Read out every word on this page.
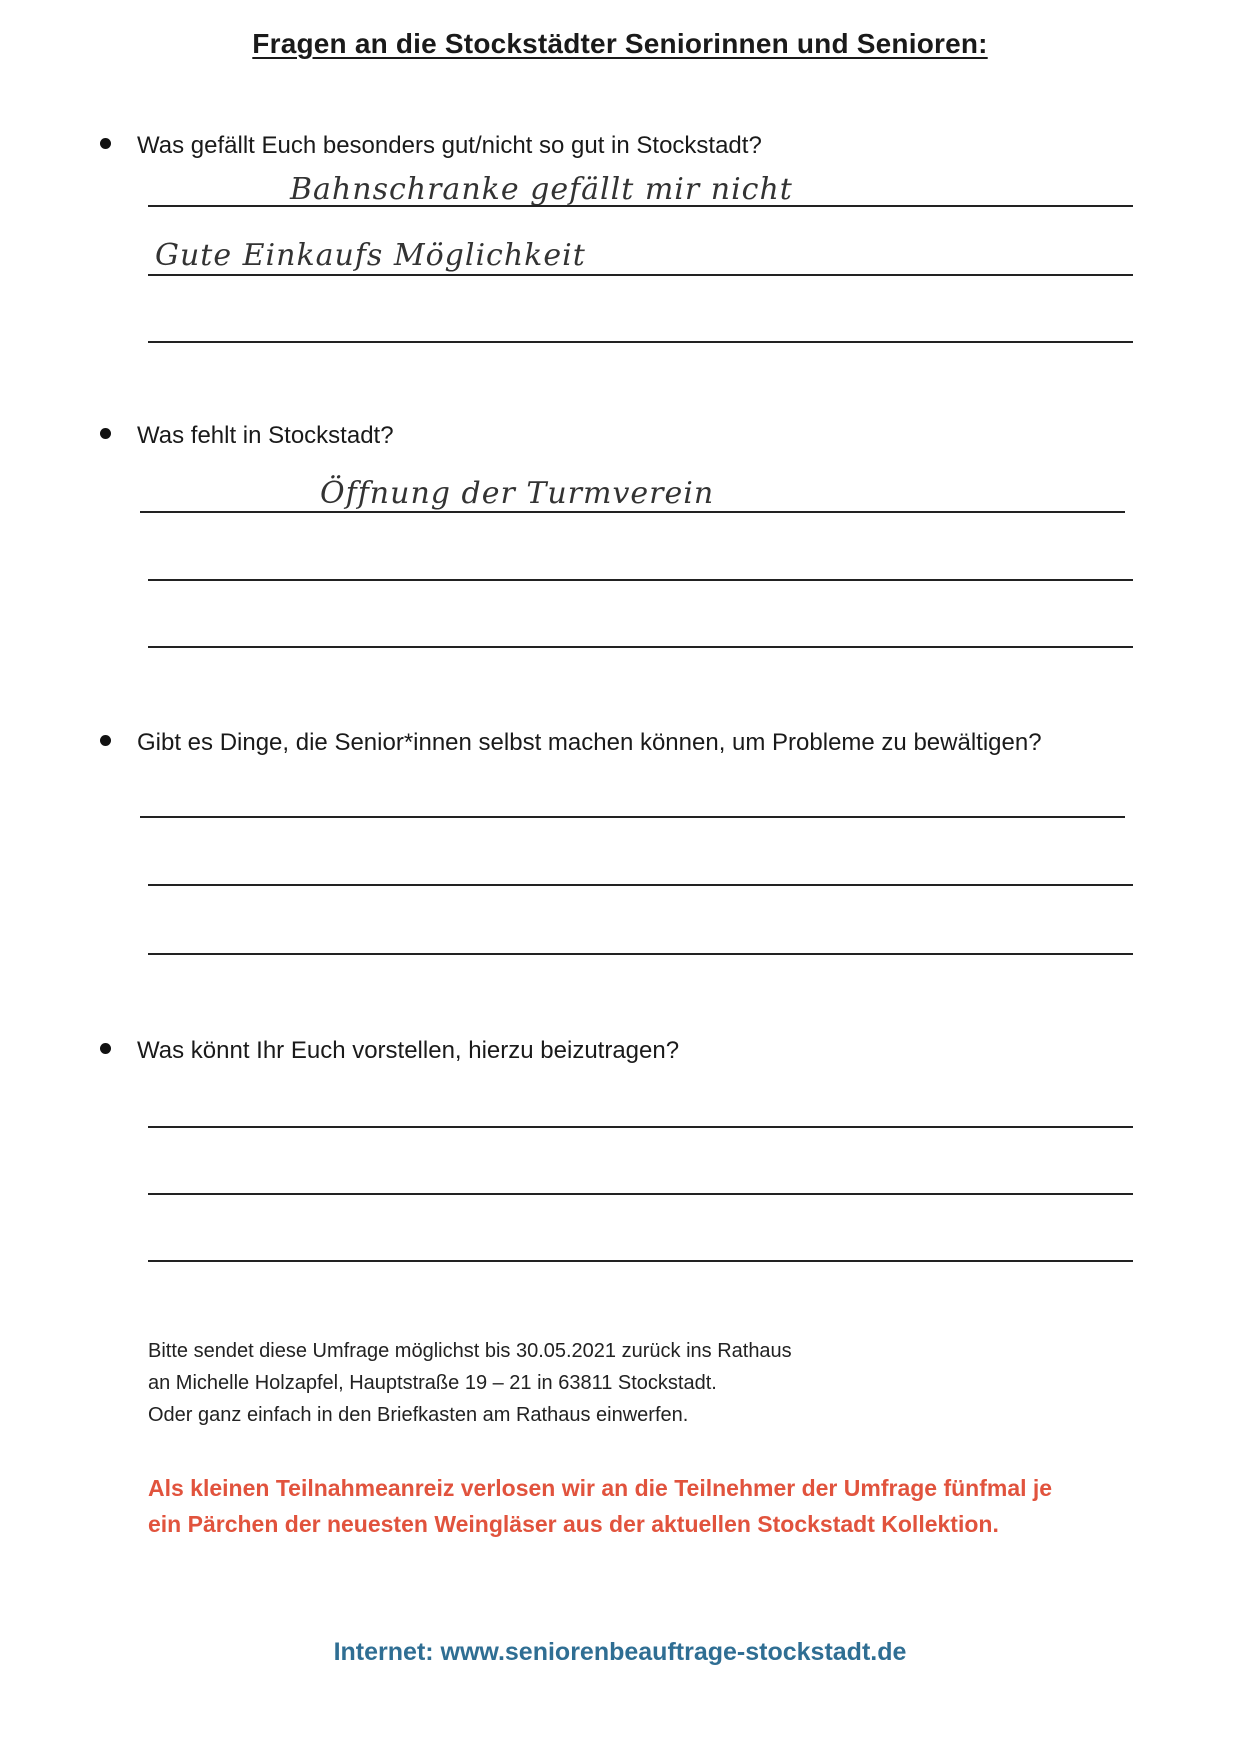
Fragen an die Stockstädter Seniorinnen und Senioren:
Was gefällt Euch besonders gut/nicht so gut in Stockstadt?
Bahnschranke gefällt mir nicht
Gute Einkaufs Möglichkeit
Was fehlt in Stockstadt?
Öffnung der Turmverein
Gibt es Dinge, die Senior*innen selbst machen können, um Probleme zu bewältigen?
Was könnt Ihr Euch vorstellen, hierzu beizutragen?
Bitte sendet diese Umfrage möglichst bis 30.05.2021 zurück ins Rathaus
an Michelle Holzapfel, Hauptstraße 19 – 21 in 63811 Stockstadt.
Oder ganz einfach in den Briefkasten am Rathaus einwerfen.
Als kleinen Teilnahmeanreiz verlosen wir an die Teilnehmer der Umfrage fünfmal je
ein Pärchen der neuesten Weingläser aus der aktuellen Stockstadt Kollektion.
Internet: www.seniorenbeauftrage-stockstadt.de
